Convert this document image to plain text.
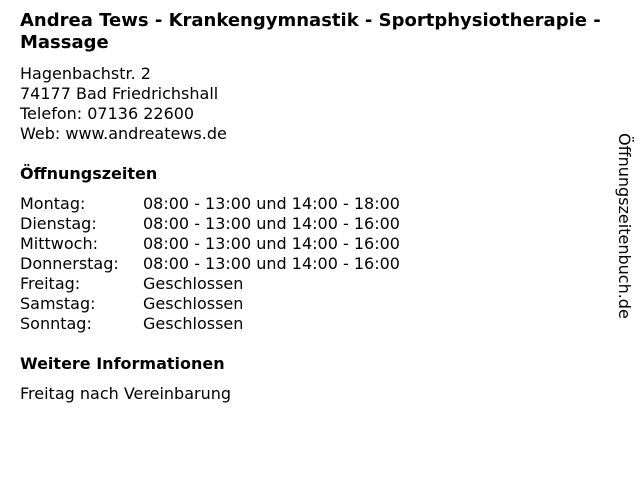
Andrea Tews - Krankengymnastik - Sportphysiotherapie - Massage
Hagenbachstr. 2
74177 Bad Friedrichshall
Telefon: 07136 22600
Web: www.andreatews.de
Öffnungszeiten
Montag:	08:00 - 13:00 und 14:00 - 18:00
Dienstag:	08:00 - 13:00 und 14:00 - 16:00
Mittwoch:	08:00 - 13:00 und 14:00 - 16:00
Donnerstag:	08:00 - 13:00 und 14:00 - 16:00
Freitag:	Geschlossen
Samstag:	Geschlossen
Sonntag:	Geschlossen
Weitere Informationen
Freitag nach Vereinbarung
Öffnungszeitenbuch.de
